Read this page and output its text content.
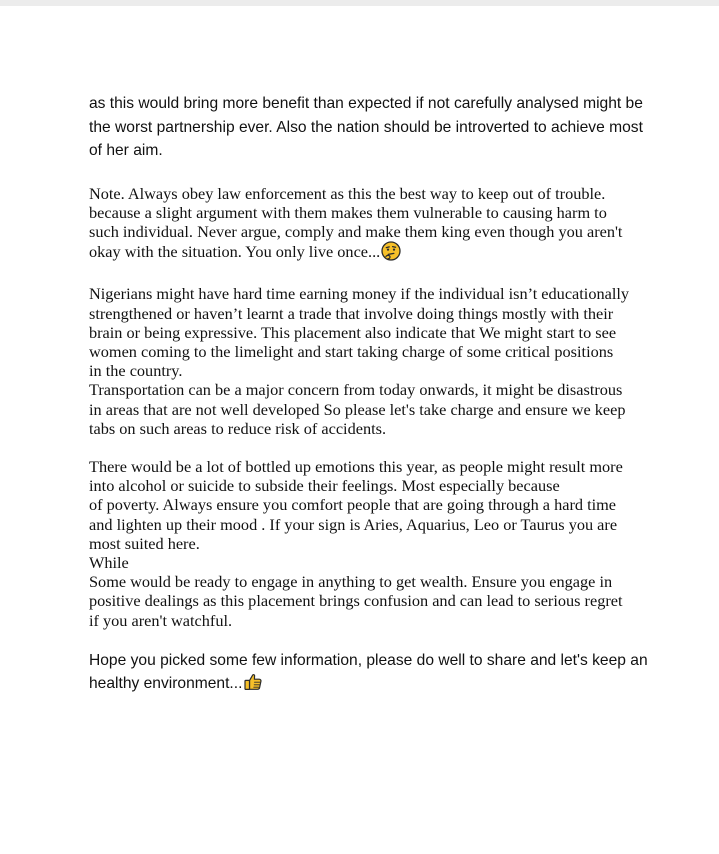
as this would bring more benefit than expected if not carefully analysed might be
the worst partnership ever. Also the nation should be introverted to achieve most
of her aim.

Note. Always obey law enforcement as this the best way to keep out of trouble.
because a slight argument with them makes them vulnerable to causing harm to
such individual. Never argue, comply and make them king even though you aren't
okay with the situation. You only live once...

Nigerians might have hard time earning money if the individual isn’t educationally
strengthened or haven’t learnt a trade that involve doing things mostly with their
brain or being expressive. This placement also indicate that We might start to see
women coming to the limelight and start taking charge of some critical positions
in the country.
Transportation can be a major concern from today onwards, it might be disastrous
in areas that are not well developed So please let's take charge and ensure we keep
tabs on such areas to reduce risk of accidents.

There would be a lot of bottled up emotions this year, as people might result more
into alcohol or suicide to subside their feelings. Most especially because
of poverty. Always ensure you comfort people that are going through a hard time
and lighten up their mood . If your sign is Aries, Aquarius, Leo or Taurus you are
most suited here.
While
Some would be ready to engage in anything to get wealth. Ensure you engage in
positive dealings as this placement brings confusion and can lead to serious regret
if you aren't watchful.

Hope you picked some few information, please do well to share and let's keep an
healthy environment...
